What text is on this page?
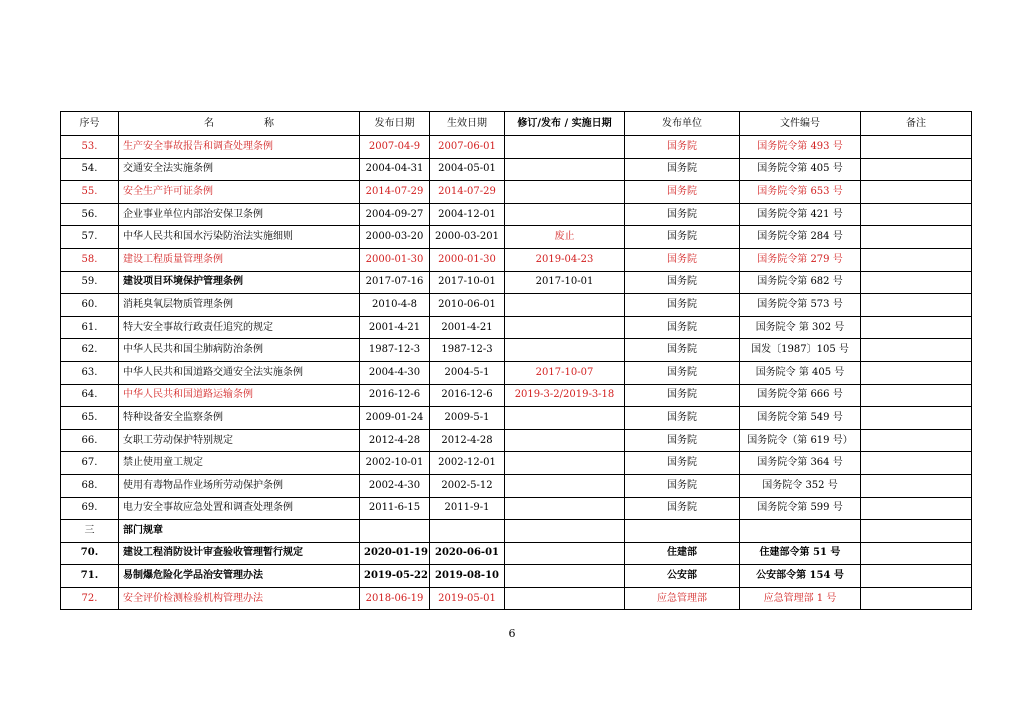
序号	名　　　　　称	发布日期	生效日期	修订/发布 / 实施日期	发布单位	文件编号	备注
53.	生产安全事故报告和调查处理条例	2007-04-9	2007-06-01		国务院	国务院令第 493 号	
54.	交通安全法实施条例	2004-04-31	2004-05-01		国务院	国务院令第 405 号	
55.	安全生产许可证条例	2014-07-29	2014-07-29		国务院	国务院令第 653 号	
56.	企业事业单位内部治安保卫条例	2004-09-27	2004-12-01		国务院	国务院令第 421 号	
57.	中华人民共和国水污染防治法实施细则	2000-03-20	2000-03-201	废止	国务院	国务院令第 284 号	
58.	建设工程质量管理条例	2000-01-30	2000-01-30	2019-04-23	国务院	国务院令第 279 号	
59.	建设项目环境保护管理条例	2017-07-16	2017-10-01	2017-10-01	国务院	国务院令第 682 号	
60.	消耗臭氧层物质管理条例	2010-4-8	2010-06-01		国务院	国务院令第 573 号	
61.	特大安全事故行政责任追究的规定	2001-4-21	2001-4-21		国务院	国务院令 第 302 号	
62.	中华人民共和国尘肺病防治条例	1987-12-3	1987-12-3		国务院	国发〔1987〕105 号	
63.	中华人民共和国道路交通安全法实施条例	2004-4-30	2004-5-1	2017-10-07	国务院	国务院令 第 405 号	
64.	中华人民共和国道路运输条例	2016-12-6	2016-12-6	2019-3-2/2019-3-18	国务院	国务院令第 666 号	
65.	特种设备安全监察条例	2009-01-24	2009-5-1		国务院	国务院令第 549 号	
66.	女职工劳动保护特别规定	2012-4-28	2012-4-28		国务院	国务院令（第 619 号）	
67.	禁止使用童工规定	2002-10-01	2002-12-01		国务院	国务院令第 364 号	
68.	使用有毒物品作业场所劳动保护条例	2002-4-30	2002-5-12		国务院	国务院令 352 号	
69.	电力安全事故应急处置和调查处理条例	2011-6-15	2011-9-1		国务院	国务院令第 599 号	
三	部门规章						
70.	建设工程消防设计审查验收管理暂行规定	2020-01-19	2020-06-01		住建部	住建部令第 51 号	
71.	易制爆危险化学品治安管理办法	2019-05-22	2019-08-10		公安部	公安部令第 154 号	
72.	安全评价检测检验机构管理办法	2018-06-19	2019-05-01		应急管理部	应急管理部 1 号	
6
